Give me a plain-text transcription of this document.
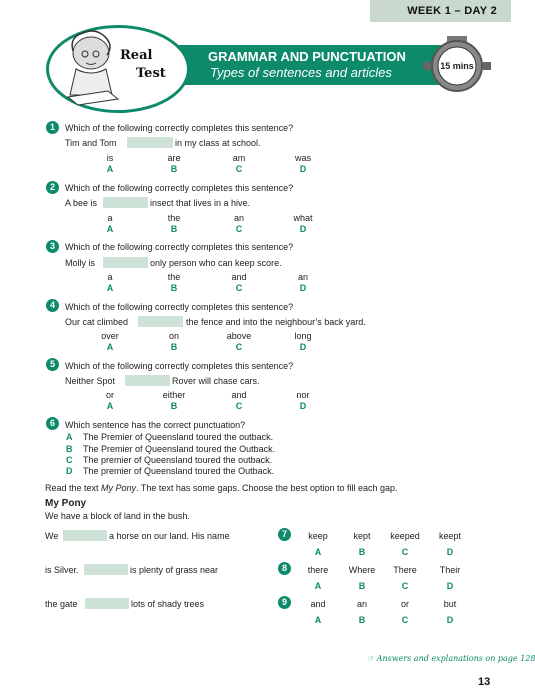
WEEK 1 – DAY 2
GRAMMAR AND PUNCTUATION
Types of sentences and articles
Real
Test	15 mins
1	Which of the following correctly completes this sentence?
Tim and Tom	in my class at school.
is	are	am	was
A	B	C	D
2	Which of the following correctly completes this sentence?
A bee is	insect that lives in a hive.
a	the	an	what
A	B	C	D
3	Which of the following correctly completes this sentence?
Molly is	only person who can keep score.
a	the	and	an
A	B	C	D
4	Which of the following correctly completes this sentence?
Our cat climbed	the fence and into the neighbour’s back yard.
over	on	above	long
A	B	C	D
5	Which of the following correctly completes this sentence?
Neither Spot	Rover will chase cars.
or	either	and	nor
A	B	C	D
6	Which sentence has the correct punctuation?
A The Premier of Queensland toured the outback.
B The Premier of Queensland toured the Outback.
C The premier of Queensland toured the outback.
D The premier of Queensland toured the Outback.
Read the text My Pony. The text has some gaps. Choose the best option to fill each gap.
My Pony
We have a block of land in the bush.
We	a horse on our land. His name	7	keep	kept	keeped	keept
A	B	C	D
is Silver.	is plenty of grass near	8	there	Where	There	Their
A	B	C	D
the gate	lots of shady trees	9	and	an	or	but
A	B	C	D
☞ Answers and explanations on page 128
13
